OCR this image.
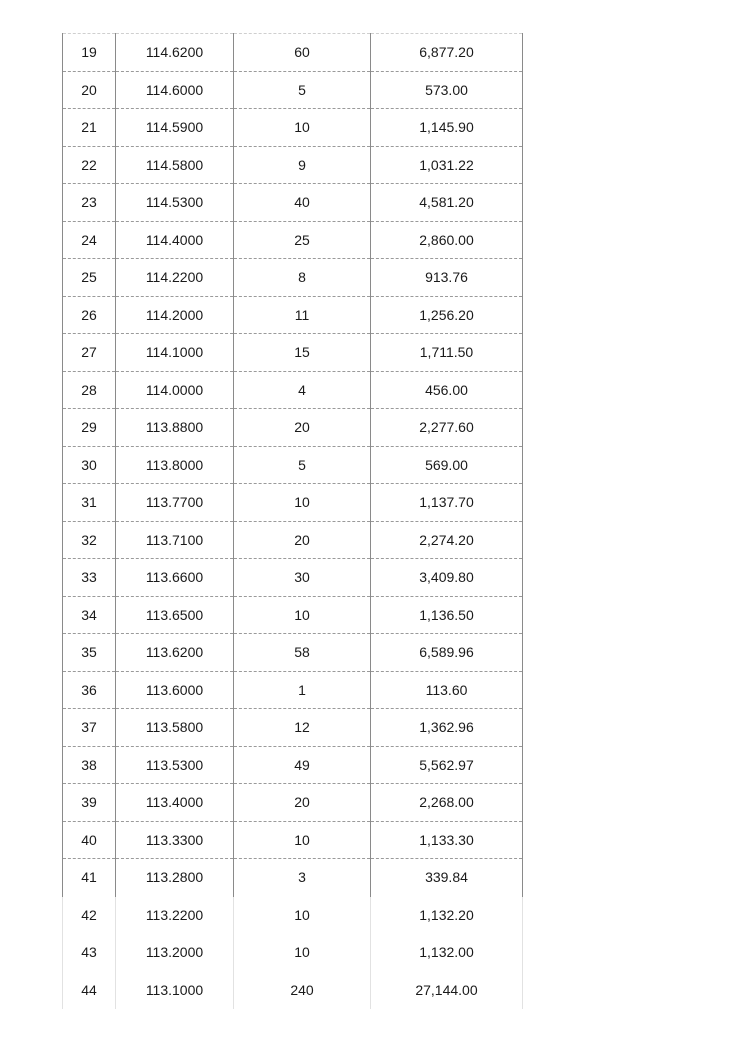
19	114.6200	60	6,877.20
20	114.6000	5	573.00
21	114.5900	10	1,145.90
22	114.5800	9	1,031.22
23	114.5300	40	4,581.20
24	114.4000	25	2,860.00
25	114.2200	8	913.76
26	114.2000	11	1,256.20
27	114.1000	15	1,711.50
28	114.0000	4	456.00
29	113.8800	20	2,277.60
30	113.8000	5	569.00
31	113.7700	10	1,137.70
32	113.7100	20	2,274.20
33	113.6600	30	3,409.80
34	113.6500	10	1,136.50
35	113.6200	58	6,589.96
36	113.6000	1	113.60
37	113.5800	12	1,362.96
38	113.5300	49	5,562.97
39	113.4000	20	2,268.00
40	113.3300	10	1,133.30
41	113.2800	3	339.84
42	113.2200	10	1,132.20
43	113.2000	10	1,132.00
44	113.1000	240	27,144.00
